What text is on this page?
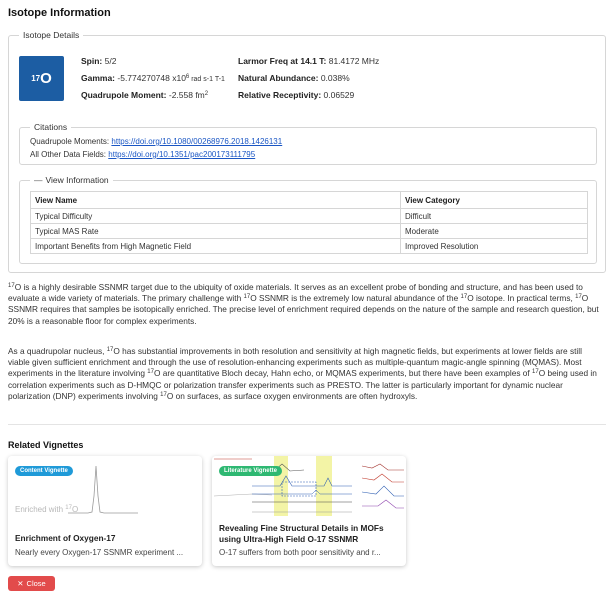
Isotope Information
Isotope Details
17 O
Spin: 5/2
Gamma: -5.774270748 $x10^6$ rad s-1 T-1
Quadrupole Moment: -2.558 $fm^2$
Larmor Freq at 14.1 T: 81.4172 MHz
Natural Abundance: 0.038%
Relative Receptivity: 0.06529
Citations
Quadrupole Moments: https://doi.org/10.1080/00268976.2018.1426131
All Other Data Fields: https://doi.org/10.1351/pac200173111795
— View Information
View Name	View Category
Typical Difficulty	Difficult
Typical MAS Rate	Moderate
Important Benefits from High Magnetic Field	Improved Resolution
$^{17}$O is a highly desirable SSNMR target due to the ubiquity of oxide materials. It serves as an excellent probe of bonding and structure, and has been used to evaluate a wide variety of materials. The primary challenge with $^{17}$O SSNMR is the extremely low natural abundance of the $^{17}$O isotope. In practical terms, $^{17}$O SSNMR requires that samples be isotopically enriched. The precise level of enrichment required depends on the nature of the sample and research question, but 20% is a reasonable floor for complex experiments.
As a quadrupolar nucleus, $^{17}$O has substantial improvements in both resolution and sensitivity at high magnetic fields, but experiments at lower fields are still viable given sufficient enrichment and through the use of resolution-enhancing experiments such as multiple-quantum magic-angle spinning (MQMAS). Most experiments in the literature involving $^{17}$O are quantitative Bloch decay, Hahn echo, or MQMAS experiments, but there have been examples of $^{17}$O being used in correlation experiments such as D-HMQC or polarization transfer experiments such as PRESTO. The latter is particularly important for dynamic nuclear polarization (DNP) experiments involving $^{17}$O on surfaces, as surface oxygen environments are often hydroxyls.
Related Vignettes
Content Vignette
Enriched with $^{17}$O
Enrichment of Oxygen-17
Nearly every Oxygen-17 SSNMR experiment ...
Literature Vignette
Revealing Fine Structural Details in MOFs using Ultra-High Field O-17 SSNMR
O-17 suffers from both poor sensitivity and r...
✕ Close
